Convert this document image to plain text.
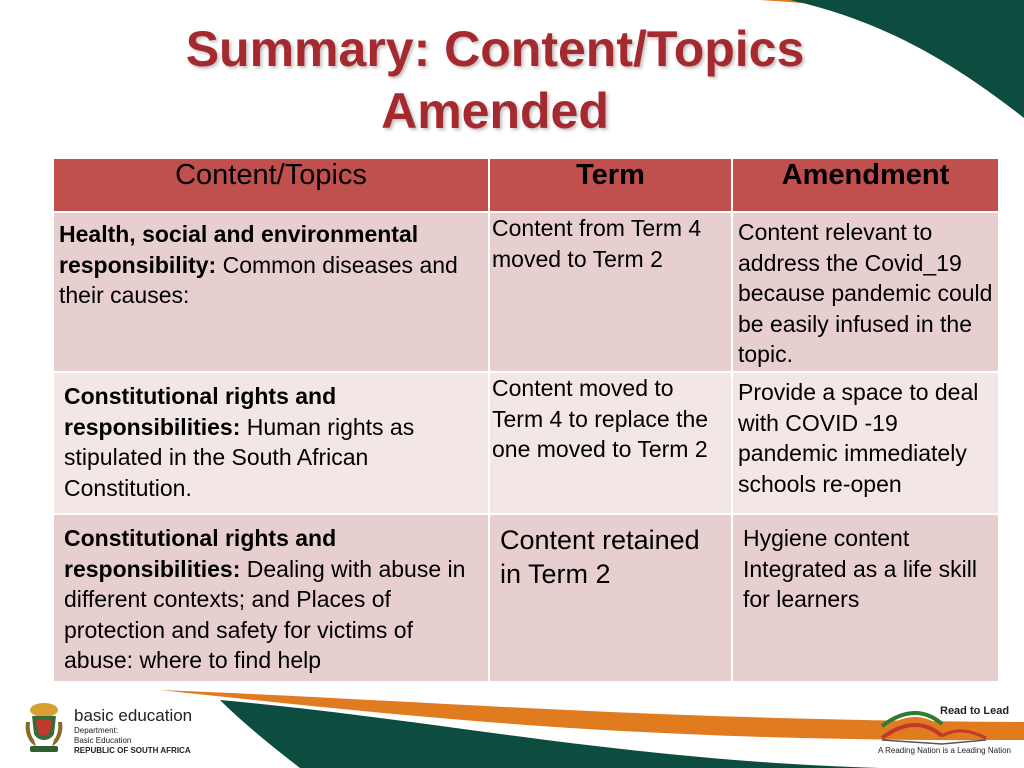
Summary: Content/Topics
Amended
Content/Topics	Term	Amendment

Health, social and environmental responsibility: Common diseases and their causes:	Content from Term 4 moved to Term 2	Content relevant to address the Covid_19 because pandemic could be easily infused in the topic.

Constitutional rights and responsibilities: Human rights as stipulated in the South African Constitution.	Content moved to Term 4 to replace the one moved to Term 2	Provide a space to deal with COVID -19 pandemic immediately schools re-open

Constitutional rights and responsibilities: Dealing with abuse in different contexts; and Places of protection and safety for victims of abuse: where to find help	Content retained in Term 2	Hygiene content Integrated as a life skill for learners
basic education
Department:
Basic Education
REPUBLIC OF SOUTH AFRICA
Read to Lead
A Reading Nation is a Leading Nation
